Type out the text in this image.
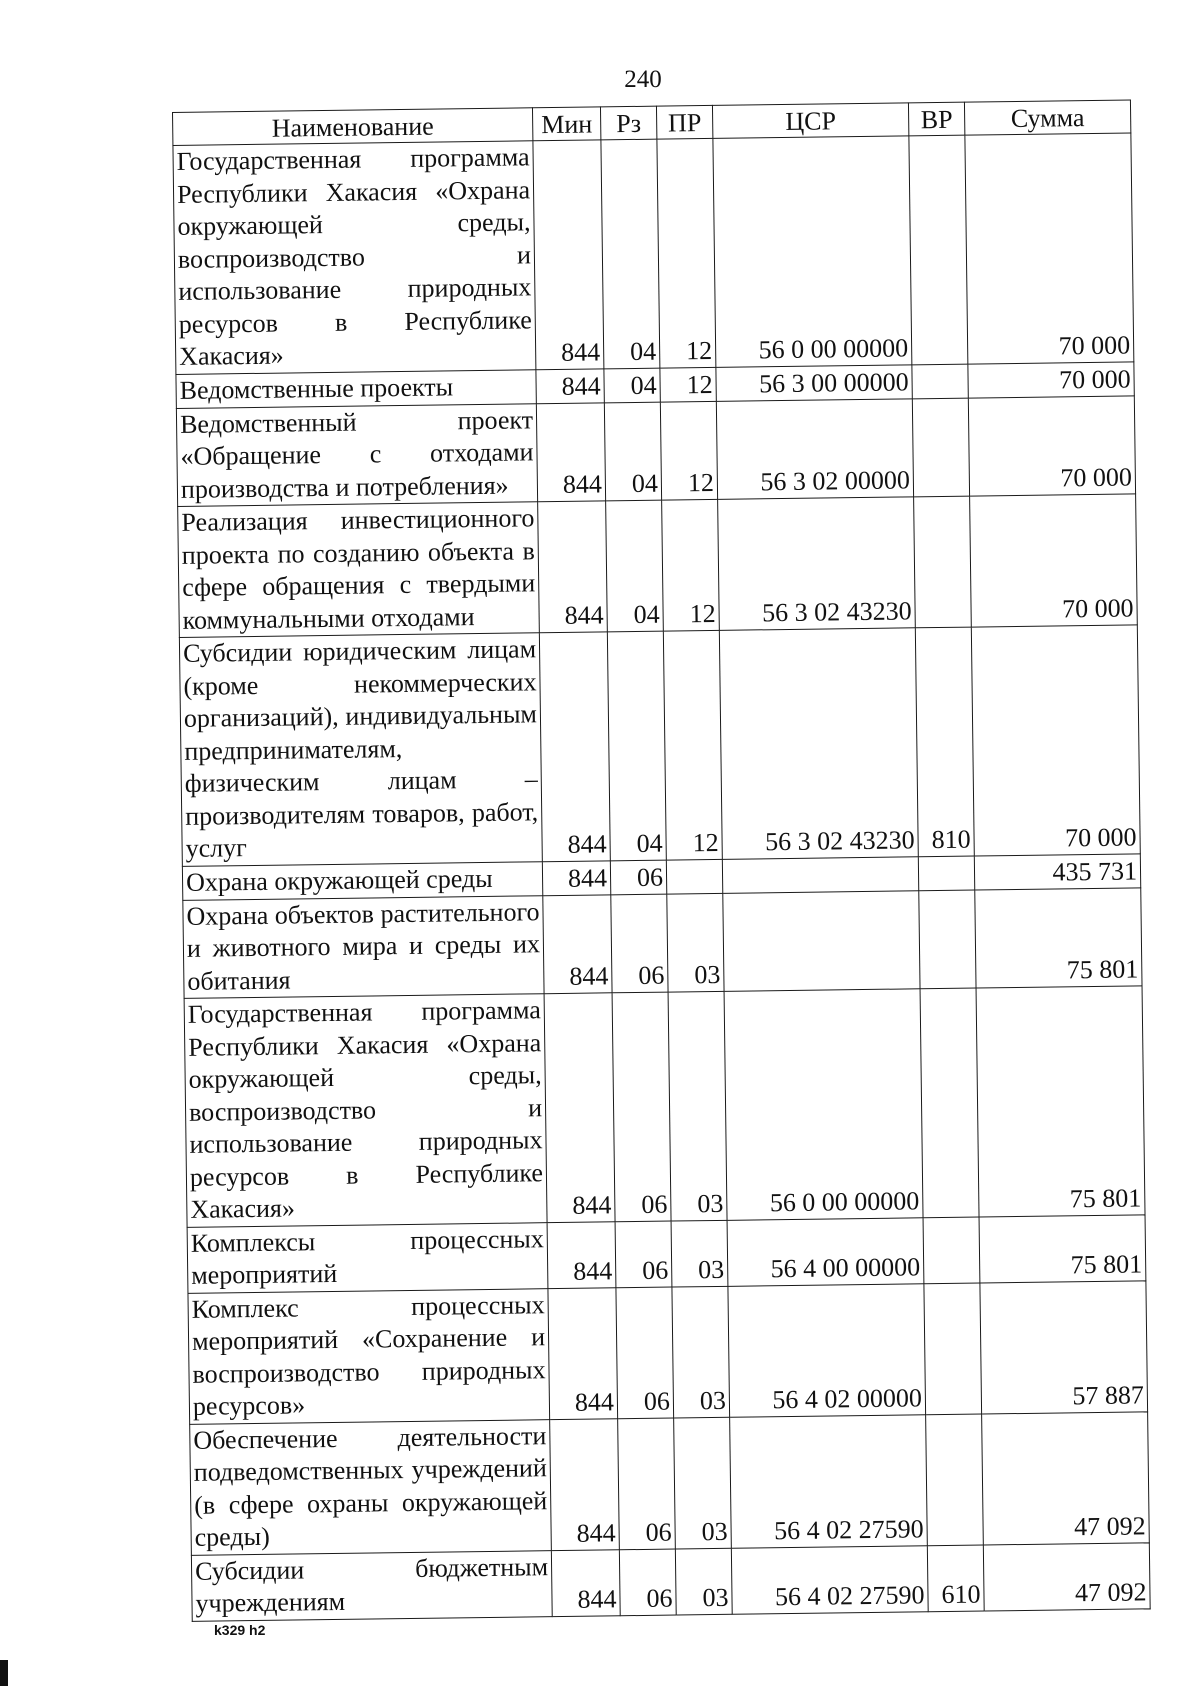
240
Наименование	Мин	Рз	ПР	ЦСР	ВР	Сумма
Государственная программа Республики Хакасия «Охрана окружающей среды, воспроизводство и использование природных ресурсов в Республике Хакасия»	844	04	12	56 0 00 00000		70 000
Ведомственные проекты	844	04	12	56 3 00 00000		70 000
Ведомственный проект «Обращение с отходами производства и потребления»	844	04	12	56 3 02 00000		70 000
Реализация инвестиционного проекта по созданию объекта в сфере обращения с твердыми коммунальными отходами	844	04	12	56 3 02 43230		70 000
Субсидии юридическим лицам (кроме некоммерческих организаций), индивидуальным предпринимателям, физическим лицам – производителям товаров, работ, услуг	844	04	12	56 3 02 43230	810	70 000
Охрана окружающей среды	844	06				435 731
Охрана объектов растительного и животного мира и среды их обитания	844	06	03			75 801
Государственная программа Республики Хакасия «Охрана окружающей среды, воспроизводство и использование природных ресурсов в Республике Хакасия»	844	06	03	56 0 00 00000		75 801
Комплексы процессных мероприятий	844	06	03	56 4 00 00000		75 801
Комплекс процессных мероприятий «Сохранение и воспроизводство природных ресурсов»	844	06	03	56 4 02 00000		57 887
Обеспечение деятельности подведомственных учреждений (в сфере охраны окружающей среды)	844	06	03	56 4 02 27590		47 092
Субсидии бюджетным учреждениям	844	06	03	56 4 02 27590	610	47 092
k329 h2
